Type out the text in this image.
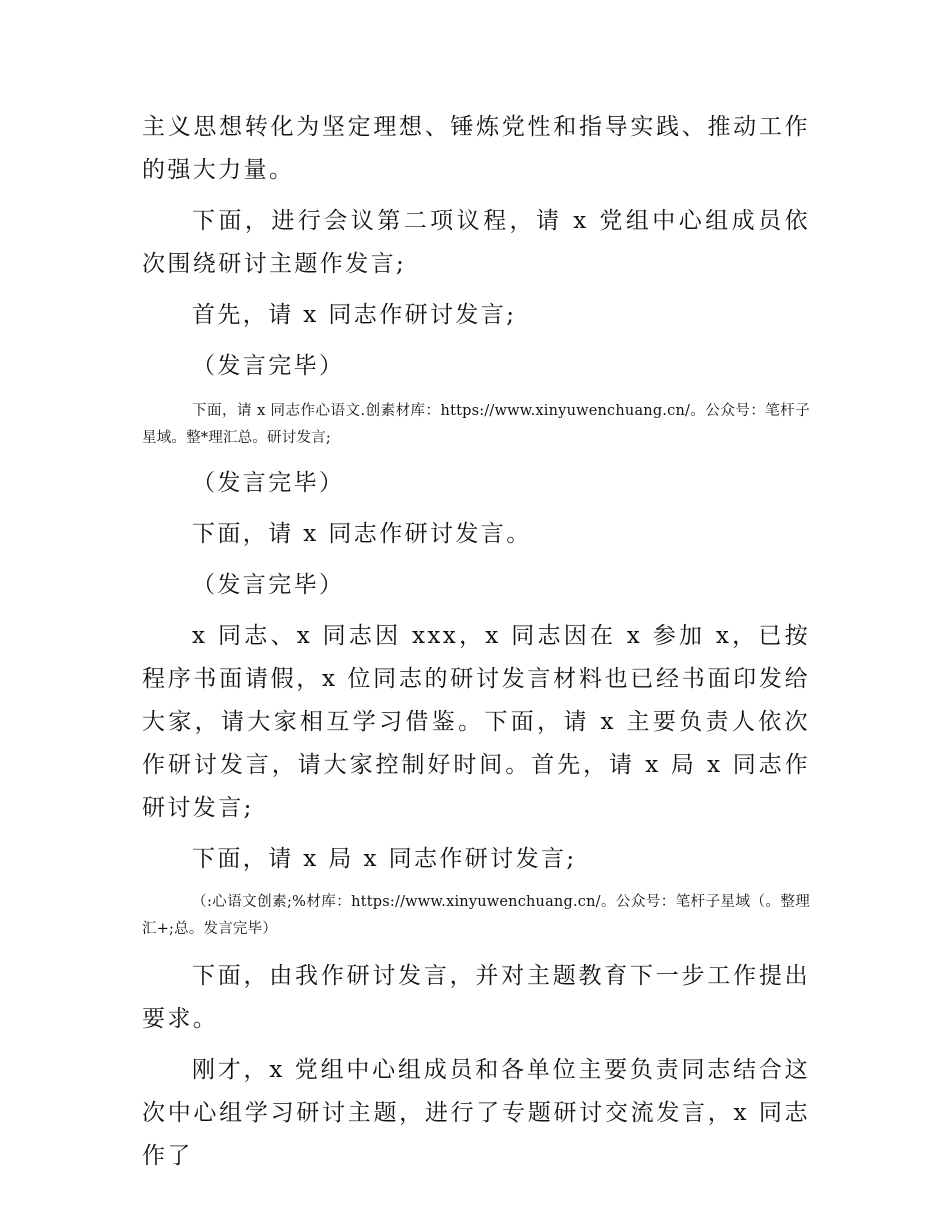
主义思想转化为坚定理想、锤炼党性和指导实践、推动工作的强大力量。

下面，进行会议第二项议程，请 x 党组中心组成员依次围绕研讨主题作发言;

首先，请 x 同志作研讨发言;

（发言完毕）

下面，请 x 同志作心语文.创素材库：https://www.xinyuwenchuang.cn/。公众号：笔杆子星域。整*理汇总。研讨发言;

（发言完毕）

下面，请 x 同志作研讨发言。

（发言完毕）

x 同志、x 同志因 xxx，x 同志因在 x 参加 x，已按程序书面请假，x 位同志的研讨发言材料也已经书面印发给大家，请大家相互学习借鉴。下面，请 x 主要负责人依次作研讨发言，请大家控制好时间。首先，请 x 局 x 同志作研讨发言;

下面，请 x 局 x 同志作研讨发言;

（:心语文创素;%材库：https://www.xinyuwenchuang.cn/。公众号：笔杆子星域（。整理汇+;总。发言完毕）

下面，由我作研讨发言，并对主题教育下一步工作提出要求。

刚才，x 党组中心组成员和各单位主要负责同志结合这次中心组学习研讨主题，进行了专题研讨交流发言，x 同志作了
